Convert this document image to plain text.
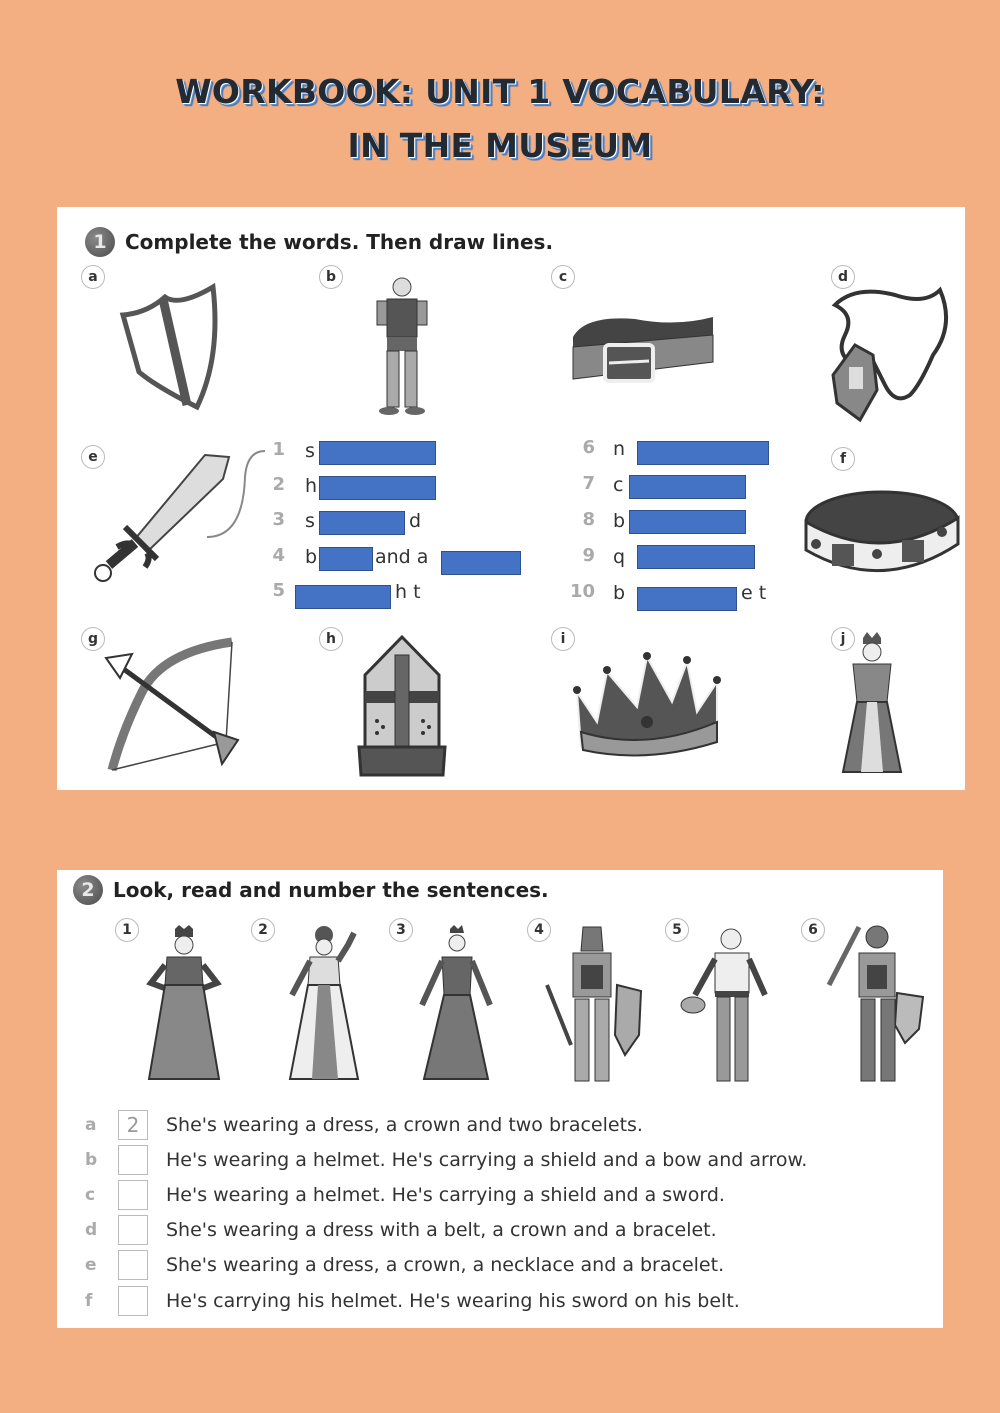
WORKBOOK: UNIT 1 VOCABULARY:
IN THE MUSEUM
1 Complete the words. Then draw lines.
a	b	c	d
e	f
1 s
2 h
3 s	d
4 b	and a
5	h t
6 n
7 c
8 b
9 q
10 b	e t
g	h	i	j
2 Look, read and number the sentences.
1	2	3	4	5	6
a	2	She's wearing a dress, a crown and two bracelets.
b	He's wearing a helmet. He's carrying a shield and a bow and arrow.
c	He's wearing a helmet. He's carrying a shield and a sword.
d	She's wearing a dress with a belt, a crown and a bracelet.
e	She's wearing a dress, a crown, a necklace and a bracelet.
f	He's carrying his helmet. He's wearing his sword on his belt.
